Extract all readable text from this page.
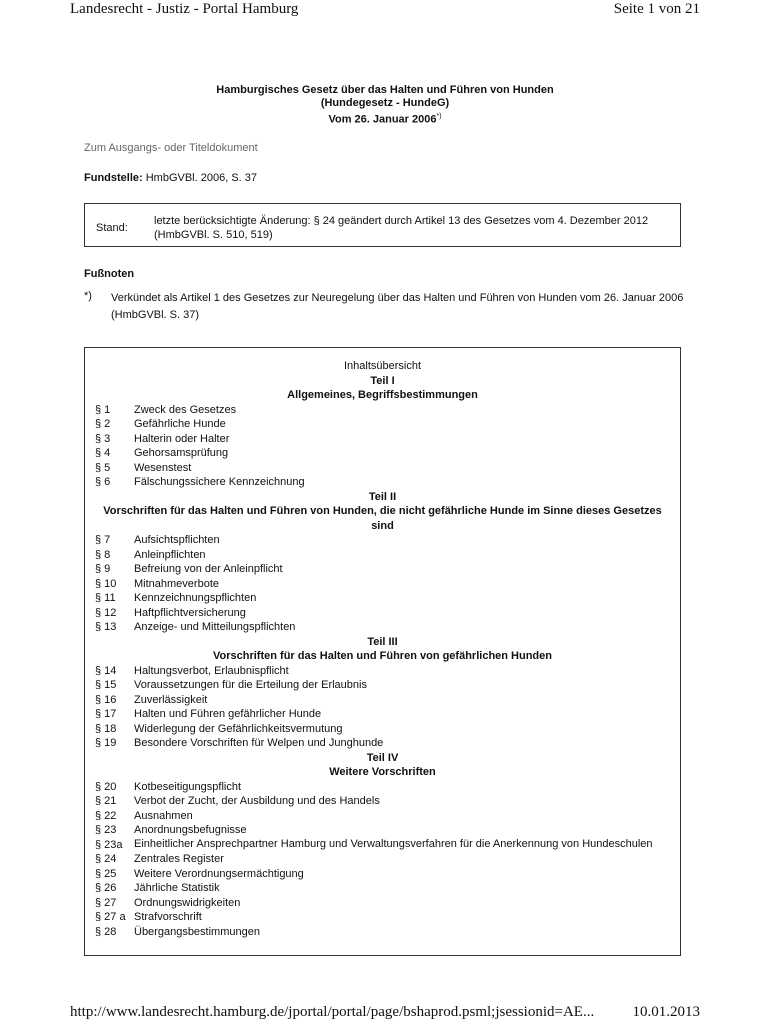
Landesrecht - Justiz - Portal Hamburg	Seite 1 von 21
Hamburgisches Gesetz über das Halten und Führen von Hunden
(Hundegesetz - HundeG)
Vom 26. Januar 2006*)
Zum Ausgangs- oder Titeldokument
Fundstelle: HmbGVBl. 2006, S. 37
Stand:
letzte berücksichtigte Änderung: § 24 geändert durch Artikel 13 des Gesetzes vom 4. Dezember 2012 (HmbGVBl. S. 510, 519)
Fußnoten
*) Verkündet als Artikel 1 des Gesetzes zur Neuregelung über das Halten und Führen von Hunden vom 26. Januar 2006 (HmbGVBl. S. 37)
Inhaltsübersicht
Teil I
Allgemeines, Begriffsbestimmungen
§ 1	Zweck des Gesetzes
§ 2	Gefährliche Hunde
§ 3	Halterin oder Halter
§ 4	Gehorsamsprüfung
§ 5	Wesenstest
§ 6	Fälschungssichere Kennzeichnung
Teil II
Vorschriften für das Halten und Führen von Hunden, die nicht gefährliche Hunde im Sinne dieses Gesetzes sind
§ 7	Aufsichtspflichten
§ 8	Anleinpflichten
§ 9	Befreiung von der Anleinpflicht
§ 10	Mitnahmeverbote
§ 11	Kennzeichnungspflichten
§ 12	Haftpflichtversicherung
§ 13	Anzeige- und Mitteilungspflichten
Teil III
Vorschriften für das Halten und Führen von gefährlichen Hunden
§ 14	Haltungsverbot, Erlaubnispflicht
§ 15	Voraussetzungen für die Erteilung der Erlaubnis
§ 16	Zuverlässigkeit
§ 17	Halten und Führen gefährlicher Hunde
§ 18	Widerlegung der Gefährlichkeitsvermutung
§ 19	Besondere Vorschriften für Welpen und Junghunde
Teil IV
Weitere Vorschriften
§ 20	Kotbeseitigungspflicht
§ 21	Verbot der Zucht, der Ausbildung und des Handels
§ 22	Ausnahmen
§ 23	Anordnungsbefugnisse
§ 23a	Einheitlicher Ansprechpartner Hamburg und Verwaltungsverfahren für die Anerkennung von Hundeschulen
§ 24	Zentrales Register
§ 25	Weitere Verordnungsermächtigung
§ 26	Jährliche Statistik
§ 27	Ordnungswidrigkeiten
§ 27 a Strafvorschrift
§ 28	Übergangsbestimmungen
http://www.landesrecht.hamburg.de/jportal/portal/page/bshaprod.psml;jsessionid=AE...	10.01.2013
